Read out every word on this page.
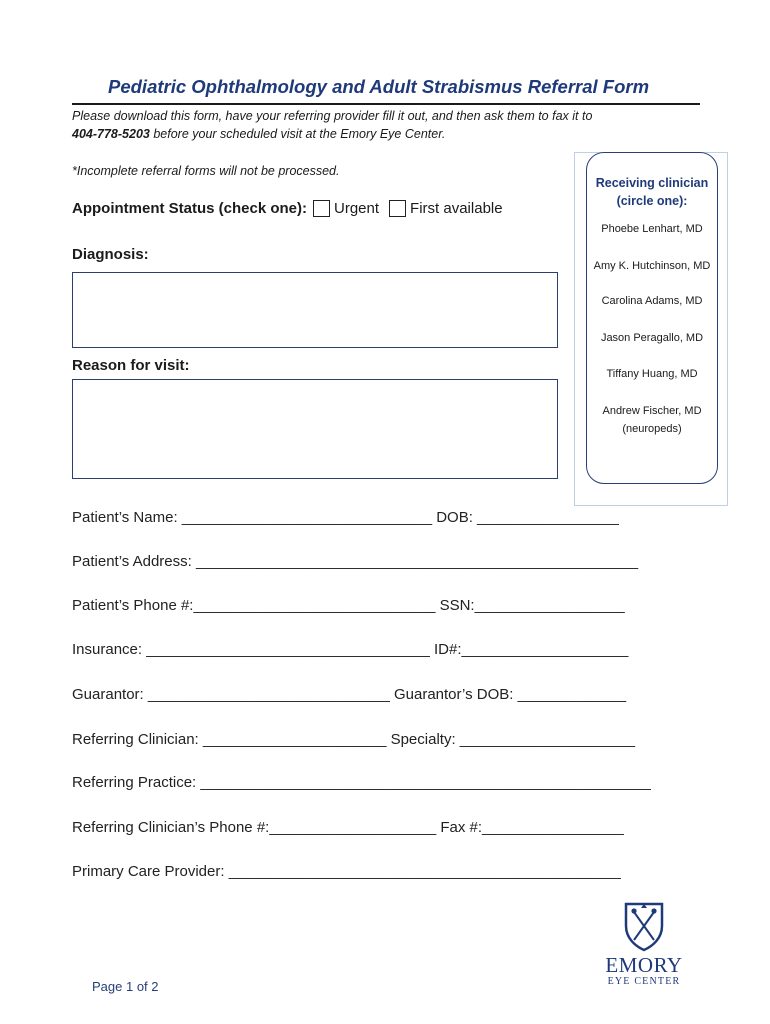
Pediatric Ophthalmology and Adult Strabismus Referral Form
Please download this form, have your referring provider fill it out, and then ask them to fax it to
404-778-5203 before your scheduled visit at the Emory Eye Center.
*Incomplete referral forms will not be processed.
Appointment Status (check one): Urgent First available
Diagnosis:
Reason for visit:
Receiving clinician
(circle one):
Phoebe Lenhart, MD
Amy K. Hutchinson, MD
Carolina Adams, MD
Jason Peragallo, MD
Tiffany Huang, MD
Andrew Fischer, MD
(neuropeds)
Patient’s Name: ______________________________ DOB: _________________
Patient’s Address: _____________________________________________________
Patient’s Phone #:_____________________________ SSN:__________________
Insurance: __________________________________ ID#:____________________
Guarantor: _____________________________ Guarantor’s DOB: _____________
Referring Clinician: ______________________ Specialty: _____________________
Referring Practice: ______________________________________________________
Referring Clinician’s Phone #:____________________ Fax #:_________________
Primary Care Provider: _______________________________________________
EMORY
EYE CENTER
Page 1 of 2
